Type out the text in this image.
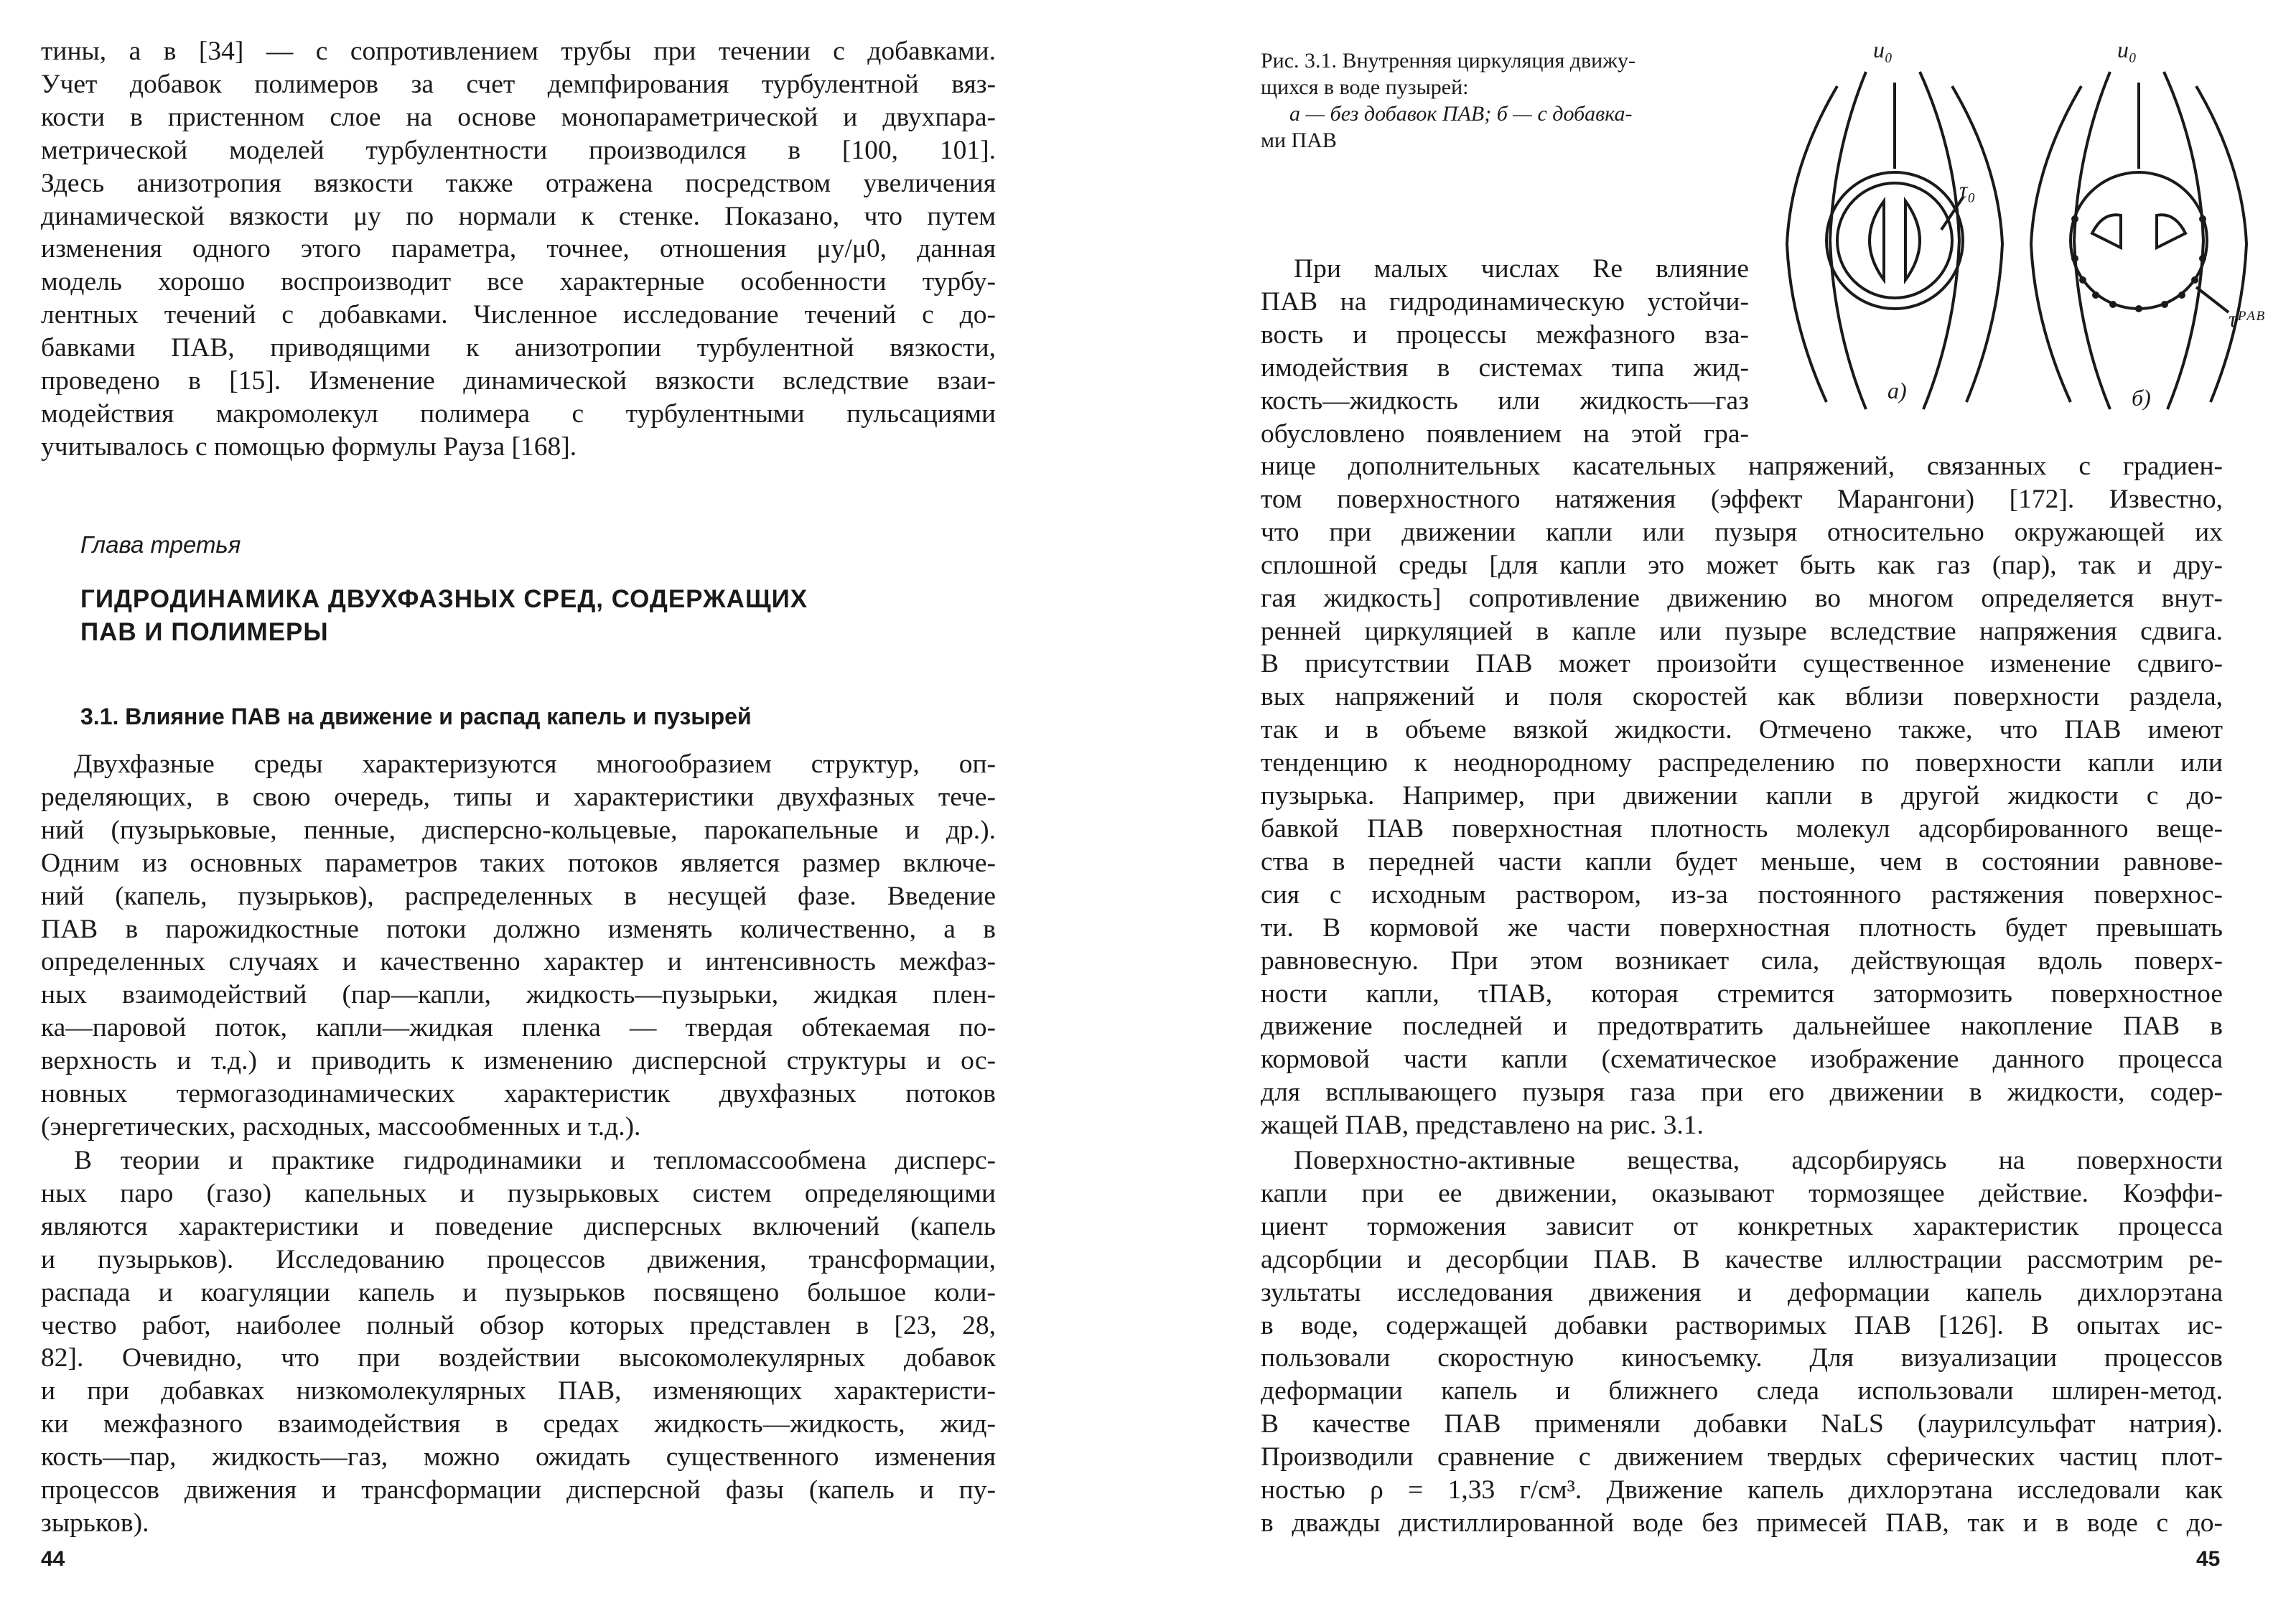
тины, а в [34] — с сопротивлением трубы при течении с добавками.
Учет добавок полимеров за счет демпфирования турбулентной вяз-
кости в пристенном слое на основе монопараметрической и двухпара-
метрической моделей турбулентности производился в [100, 101].
Здесь анизотропия вязкости также отражена посредством увеличения
динамической вязкости μy по нормали к стенке. Показано, что путем
изменения одного этого параметра, точнее, отношения μy/μ0, данная
модель хорошо воспроизводит все характерные особенности турбу-
лентных течений с добавками. Численное исследование течений с до-
бавками ПАВ, приводящими к анизотропии турбулентной вязкости,
проведено в [15]. Изменение динамической вязкости вследствие взаи-
модействия макромолекул полимера с турбулентными пульсациями
учитывалось с помощью формулы Рауза [168].
Глава третья
ГИДРОДИНАМИКА ДВУХФАЗНЫХ СРЕД, СОДЕРЖАЩИХ
ПАВ И ПОЛИМЕРЫ
3.1. Влияние ПАВ на движение и распад капель и пузырей
Двухфазные среды характеризуются многообразием структур, оп-
ределяющих, в свою очередь, типы и характеристики двухфазных тече-
ний (пузырьковые, пенные, дисперсно-кольцевые, парокапельные и др.).
Одним из основных параметров таких потоков является размер включе-
ний (капель, пузырьков), распределенных в несущей фазе. Введение
ПАВ в парожидкостные потоки должно изменять количественно, а в
определенных случаях и качественно характер и интенсивность межфаз-
ных взаимодействий (пар—капли, жидкость—пузырьки, жидкая плен-
ка—паровой поток, капли—жидкая пленка — твердая обтекаемая по-
верхность и т.д.) и приводить к изменению дисперсной структуры и ос-
новных термогазодинамических характеристик двухфазных потоков
(энергетических, расходных, массообменных и т.д.).
В теории и практике гидродинамики и тепломассообмена дисперс-
ных паро (газо) капельных и пузырьковых систем определяющими
являются характеристики и поведение дисперсных включений (капель
и пузырьков). Исследованию процессов движения, трансформации,
распада и коагуляции капель и пузырьков посвящено большое коли-
чество работ, наиболее полный обзор которых представлен в [23, 28,
82]. Очевидно, что при воздействии высокомолекулярных добавок
и при добавках низкомолекулярных ПАВ, изменяющих характеристи-
ки межфазного взаимодействия в средах жидкость—жидкость, жид-
кость—пар, жидкость—газ, можно ожидать существенного изменения
процессов движения и трансформации дисперсной фазы (капель и пу-
зырьков).
44
Рис. 3.1. Внутренняя циркуляция движу-
щихся в воде пузырей:
а — без добавок ПАВ; б — с добавка-
ми ПАВ
u₀	u₀
τ₀
τᴾᴬᴮ
а)	б)
При малых числах Re влияние
ПАВ на гидродинамическую устойчи-
вость и процессы межфазного вза-
имодействия в системах типа жид-
кость—жидкость или жидкость—газ
обусловлено появлением на этой гра-
нице дополнительных касательных напряжений, связанных с градиен-
том поверхностного натяжения (эффект Марангони) [172]. Известно,
что при движении капли или пузыря относительно окружающей их
сплошной среды [для капли это может быть как газ (пар), так и дру-
гая жидкость] сопротивление движению во многом определяется внут-
ренней циркуляцией в капле или пузыре вследствие напряжения сдвига.
В присутствии ПАВ может произойти существенное изменение сдвиго-
вых напряжений и поля скоростей как вблизи поверхности раздела,
так и в объеме вязкой жидкости. Отмечено также, что ПАВ имеют
тенденцию к неоднородному распределению по поверхности капли или
пузырька. Например, при движении капли в другой жидкости с до-
бавкой ПАВ поверхностная плотность молекул адсорбированного веще-
ства в передней части капли будет меньше, чем в состоянии равнове-
сия с исходным раствором, из-за постоянного растяжения поверхнос-
ти. В кормовой же части поверхностная плотность будет превышать
равновесную. При этом возникает сила, действующая вдоль поверх-
ности капли, τПАВ, которая стремится затормозить поверхностное
движение последней и предотвратить дальнейшее накопление ПАВ в
кормовой части капли (схематическое изображение данного процесса
для всплывающего пузыря газа при его движении в жидкости, содер-
жащей ПАВ, представлено на рис. 3.1.
Поверхностно-активные вещества, адсорбируясь на поверхности
капли при ее движении, оказывают тормозящее действие. Коэффи-
циент торможения зависит от конкретных характеристик процесса
адсорбции и десорбции ПАВ. В качестве иллюстрации рассмотрим ре-
зультаты исследования движения и деформации капель дихлорэтана
в воде, содержащей добавки растворимых ПАВ [126]. В опытах ис-
пользовали скоростную киносъемку. Для визуализации процессов
деформации капель и ближнего следа использовали шлирен-метод.
В качестве ПАВ применяли добавки NaLS (лаурилсульфат натрия).
Производили сравнение с движением твердых сферических частиц плот-
ностью ρ = 1,33 г/см³. Движение капель дихлорэтана исследовали как
в дважды дистиллированной воде без примесей ПАВ, так и в воде с до-
45
